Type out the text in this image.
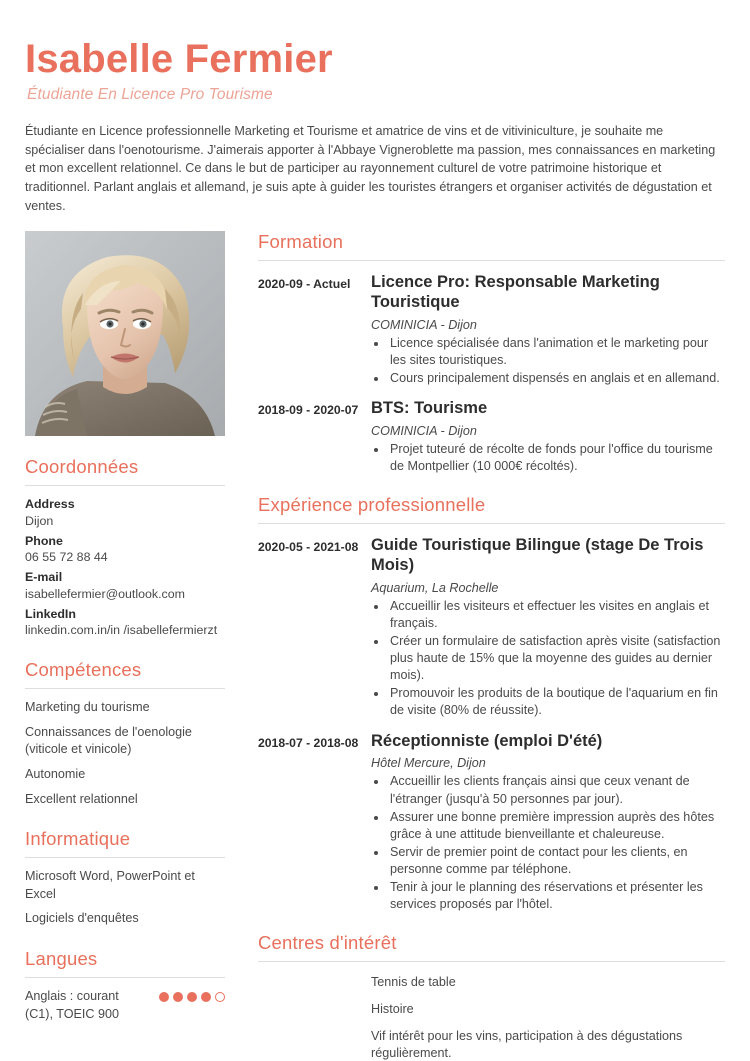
Isabelle Fermier
Étudiante En Licence Pro Tourisme
Étudiante en Licence professionnelle Marketing et Tourisme et amatrice de vins et de vitiviniculture, je souhaite me spécialiser dans l'oenotourisme. J'aimerais apporter à l'Abbaye Vigneroblette ma passion, mes connaissances en marketing et mon excellent relationnel. Ce dans le but de participer au rayonnement culturel de votre patrimoine historique et traditionnel. Parlant anglais et allemand, je suis apte à guider les touristes étrangers et organiser activités de dégustation et ventes.
Coordonnées
Address
Dijon
Phone
06 55 72 88 44
E-mail
isabellefermier@outlook.com
LinkedIn
linkedin.com.in/in /isabellefermierzt
Compétences
Marketing du tourisme
Connaissances de l'oenologie (viticole et vinicole)
Autonomie
Excellent relationnel
Informatique
Microsoft Word, PowerPoint et Excel
Logiciels d'enquêtes
Langues
Anglais : courant (C1), TOEIC 900
Formation
2020-09 - Actuel	Licence Pro: Responsable Marketing Touristique
COMINICIA - Dijon
• Licence spécialisée dans l'animation et le marketing pour les sites touristiques.
• Cours principalement dispensés en anglais et en allemand.
2018-09 - 2020-07 BTS: Tourisme
COMINICIA - Dijon
• Projet tuteuré de récolte de fonds pour l'office du tourisme de Montpellier (10 000€ récoltés).
Expérience professionnelle
2020-05 - 2021-08 Guide Touristique Bilingue (stage De Trois Mois)
Aquarium, La Rochelle
• Accueillir les visiteurs et effectuer les visites en anglais et français.
• Créer un formulaire de satisfaction après visite (satisfaction plus haute de 15% que la moyenne des guides au dernier mois).
• Promouvoir les produits de la boutique de l'aquarium en fin de visite (80% de réussite).
2018-07 - 2018-08 Réceptionniste (emploi D'été)
Hôtel Mercure, Dijon
• Accueillir les clients français ainsi que ceux venant de l'étranger (jusqu'à 50 personnes par jour).
• Assurer une bonne première impression auprès des hôtes grâce à une attitude bienveillante et chaleureuse.
• Servir de premier point de contact pour les clients, en personne comme par téléphone.
• Tenir à jour le planning des réservations et présenter les services proposés par l'hôtel.
Centres d'intérêt
Tennis de table
Histoire
Vif intérêt pour les vins, participation à des dégustations régulièrement.
